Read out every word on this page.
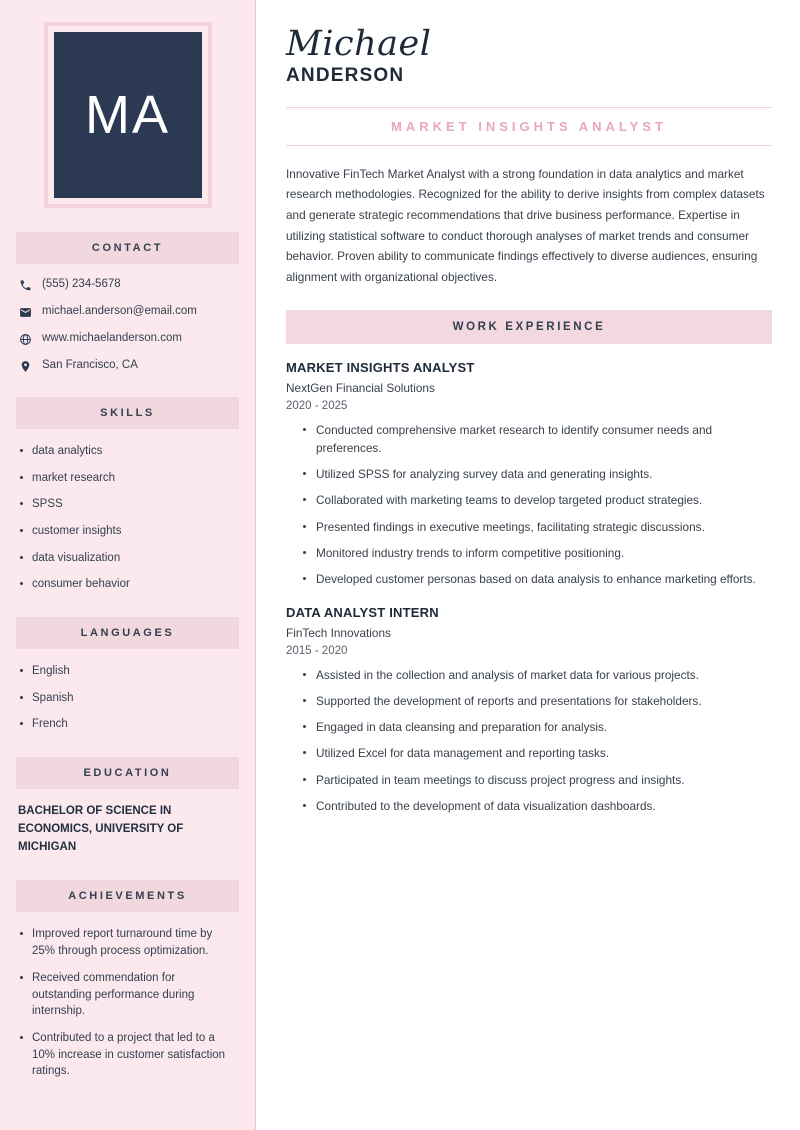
MA
CONTACT
(555) 234-5678
michael.anderson@email.com
www.michaelanderson.com
San Francisco, CA
SKILLS
data analytics
market research
SPSS
customer insights
data visualization
consumer behavior
LANGUAGES
English
Spanish
French
EDUCATION
BACHELOR OF SCIENCE IN ECONOMICS, UNIVERSITY OF MICHIGAN
ACHIEVEMENTS
Improved report turnaround time by 25% through process optimization.
Received commendation for outstanding performance during internship.
Contributed to a project that led to a 10% increase in customer satisfaction ratings.
Michael
ANDERSON
MARKET INSIGHTS ANALYST

Innovative FinTech Market Analyst with a strong foundation in data analytics and market research methodologies. Recognized for the ability to derive insights from complex datasets and generate strategic recommendations that drive business performance. Expertise in utilizing statistical software to conduct thorough analyses of market trends and consumer behavior. Proven ability to communicate findings effectively to diverse audiences, ensuring alignment with organizational objectives.

WORK EXPERIENCE
MARKET INSIGHTS ANALYST
NextGen Financial Solutions
2020 - 2025
Conducted comprehensive market research to identify consumer needs and preferences.
Utilized SPSS for analyzing survey data and generating insights.
Collaborated with marketing teams to develop targeted product strategies.
Presented findings in executive meetings, facilitating strategic discussions.
Monitored industry trends to inform competitive positioning.
Developed customer personas based on data analysis to enhance marketing efforts.
DATA ANALYST INTERN
FinTech Innovations
2015 - 2020
Assisted in the collection and analysis of market data for various projects.
Supported the development of reports and presentations for stakeholders.
Engaged in data cleansing and preparation for analysis.
Utilized Excel for data management and reporting tasks.
Participated in team meetings to discuss project progress and insights.
Contributed to the development of data visualization dashboards.
